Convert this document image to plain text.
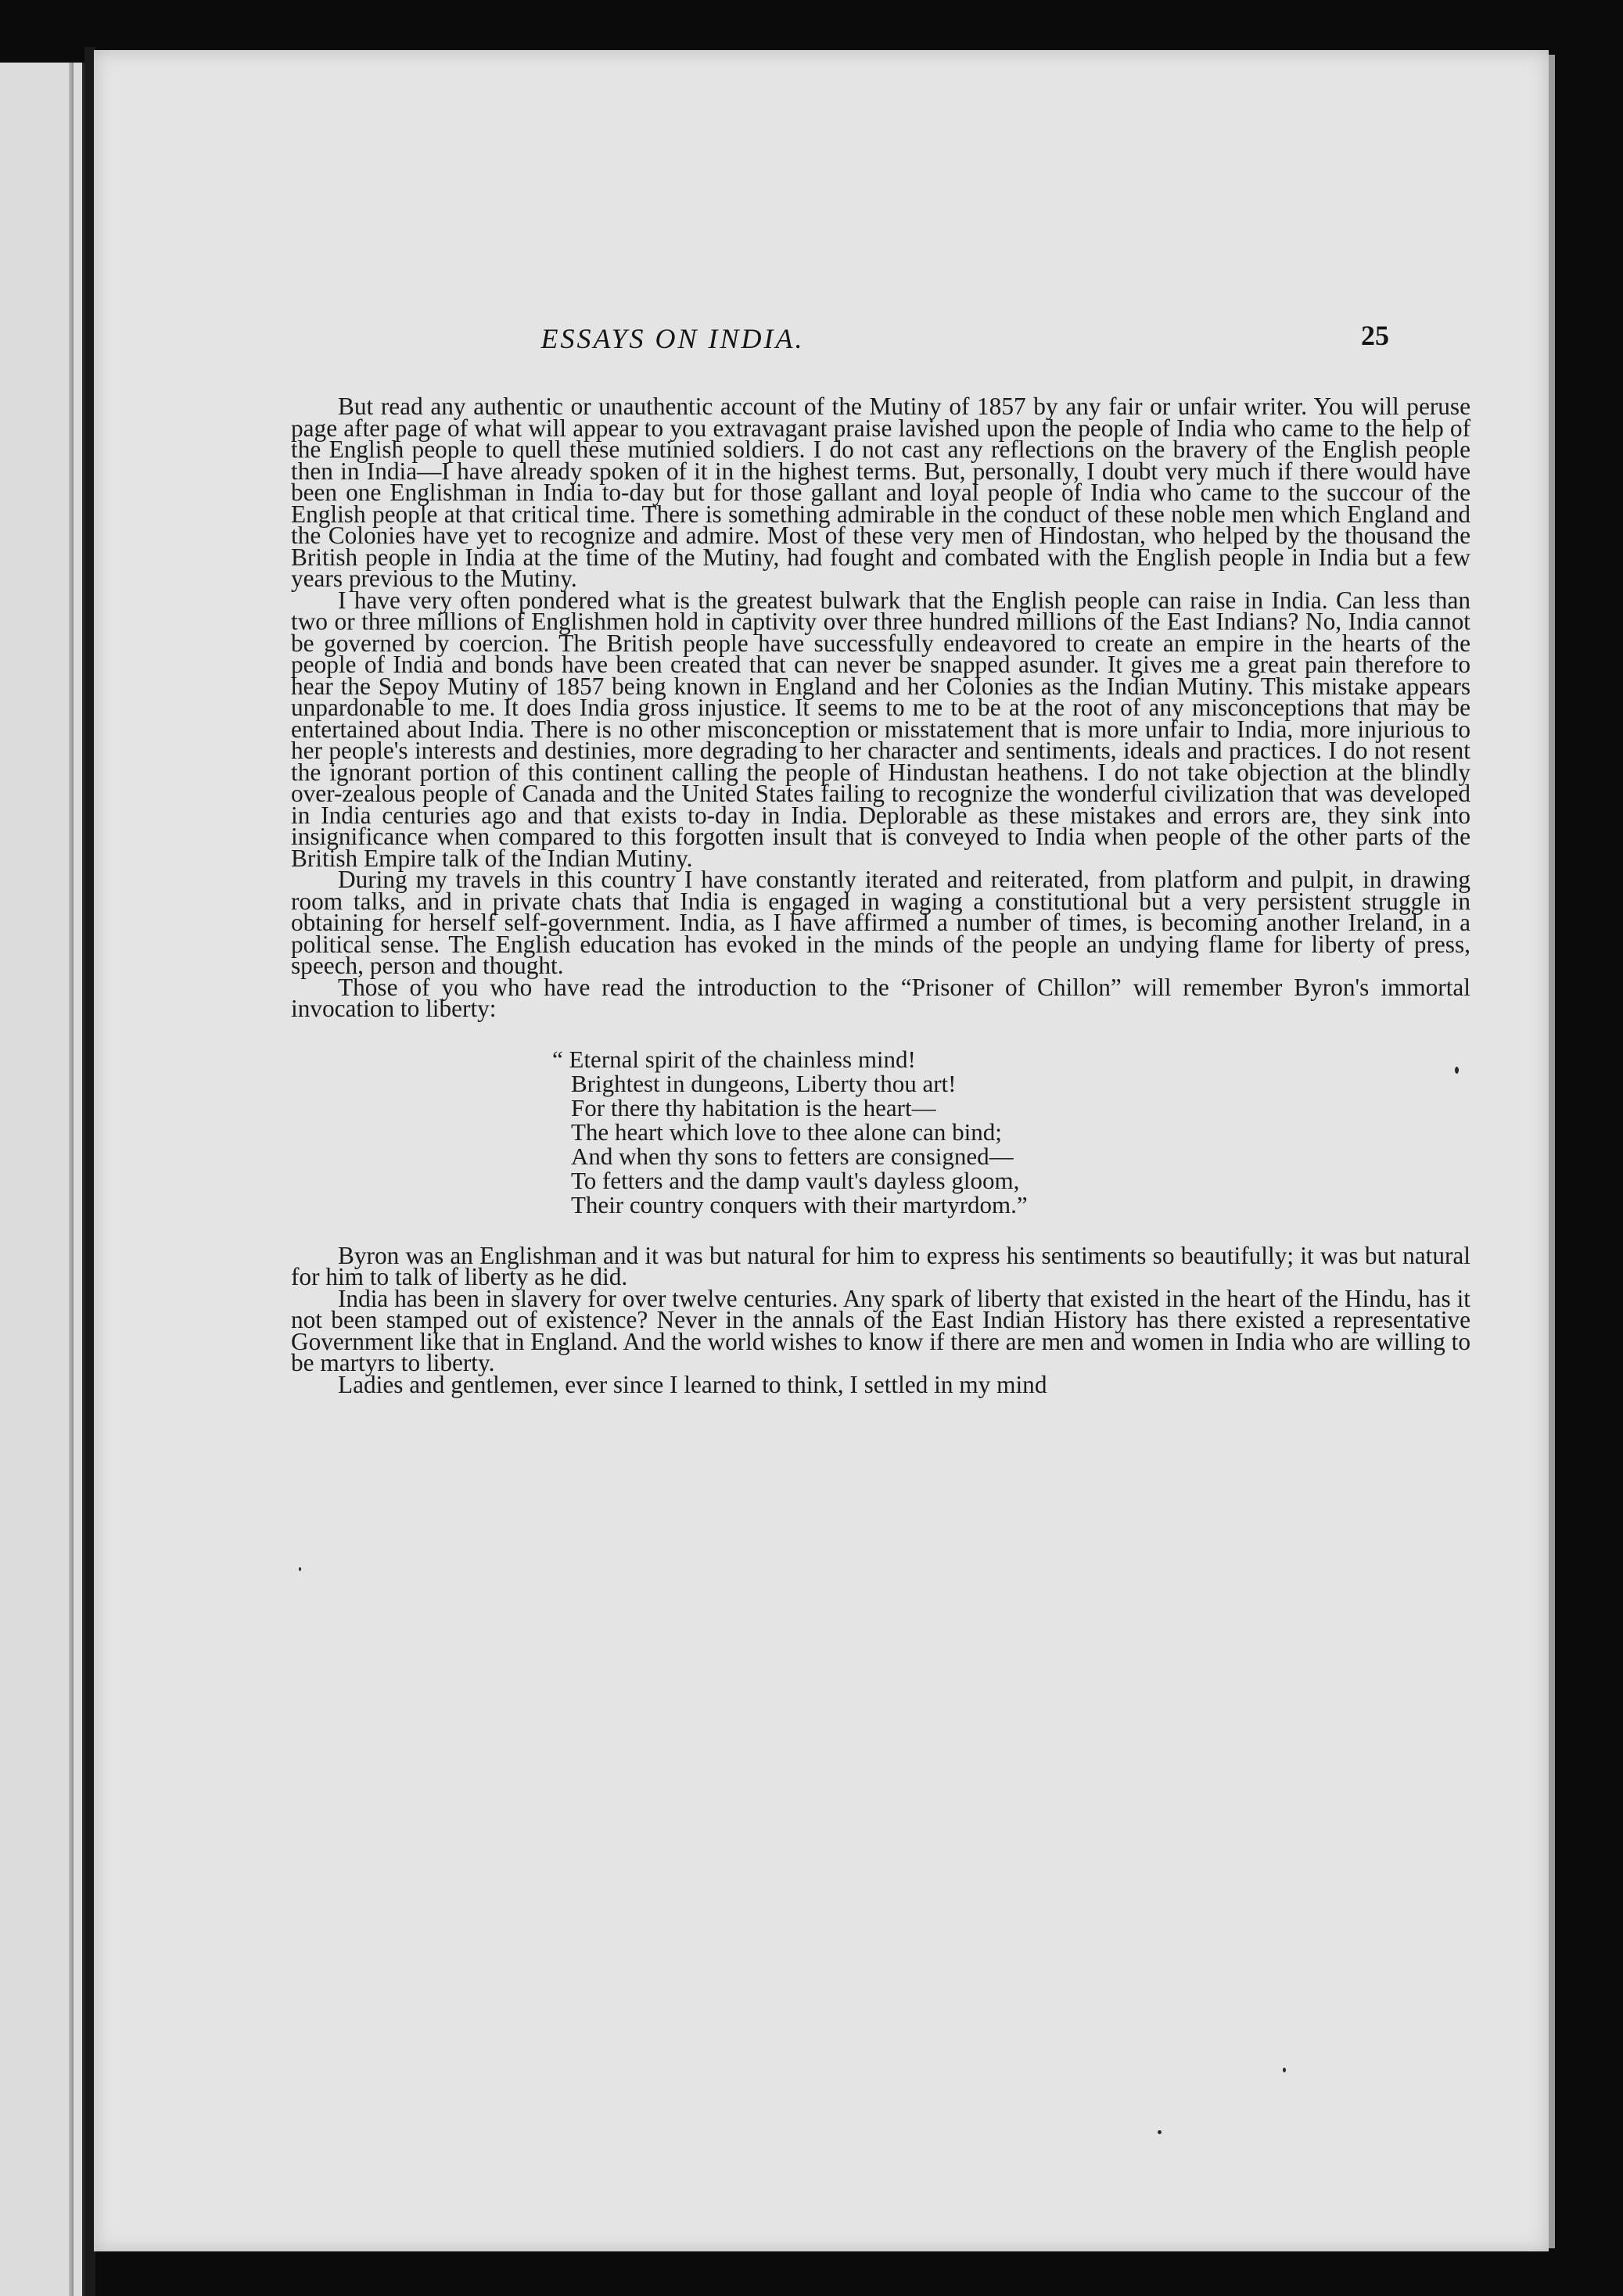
ESSAYS ON INDIA.	25

But read any authentic or unauthentic account of the Mutiny of 1857 by any fair or unfair writer. You will peruse page after page of what will appear to you extravagant praise lavished upon the people of India who came to the help of the English people to quell these mutinied soldiers. I do not cast any reflections on the bravery of the English people then in India—I have already spoken of it in the highest terms. But, personally, I doubt very much if there would have been one Englishman in India to-day but for those gallant and loyal people of India who came to the succour of the English people at that critical time. There is something admirable in the conduct of these noble men which England and the Colonies have yet to recognize and admire. Most of these very men of Hindostan, who helped by the thousand the British people in India at the time of the Mutiny, had fought and combated with the English people in India but a few years previous to the Mutiny.

I have very often pondered what is the greatest bulwark that the English people can raise in India. Can less than two or three millions of Englishmen hold in captivity over three hundred millions of the East Indians? No, India cannot be governed by coercion. The British people have successfully endeavored to create an empire in the hearts of the people of India and bonds have been created that can never be snapped asunder. It gives me a great pain therefore to hear the Sepoy Mutiny of 1857 being known in England and her Colonies as the Indian Mutiny. This mistake appears unpardonable to me. It does India gross injustice. It seems to me to be at the root of any misconceptions that may be entertained about India. There is no other misconception or misstatement that is more unfair to India, more injurious to her people's interests and destinies, more degrading to her character and sentiments, ideals and practices. I do not resent the ignorant portion of this continent calling the people of Hindustan heathens. I do not take objection at the blindly over-zealous people of Canada and the United States failing to recognize the wonderful civilization that was developed in India centuries ago and that exists to-day in India. Deplorable as these mistakes and errors are, they sink into insignificance when compared to this forgotten insult that is conveyed to India when people of the other parts of the British Empire talk of the Indian Mutiny.

During my travels in this country I have constantly iterated and reiterated, from platform and pulpit, in drawing room talks, and in private chats that India is engaged in waging a constitutional but a very persistent struggle in obtaining for herself self-government. India, as I have affirmed a number of times, is becoming another Ireland, in a political sense. The English education has evoked in the minds of the people an undying flame for liberty of press, speech, person and thought.

Those of you who have read the introduction to the “Prisoner of Chillon” will remember Byron's immortal invocation to liberty:

“ Eternal spirit of the chainless mind!
Brightest in dungeons, Liberty thou art!
For there thy habitation is the heart—
The heart which love to thee alone can bind;
And when thy sons to fetters are consigned—
To fetters and the damp vault's dayless gloom,
Their country conquers with their martyrdom.”

Byron was an Englishman and it was but natural for him to express his sentiments so beautifully; it was but natural for him to talk of liberty as he did.

India has been in slavery for over twelve centuries. Any spark of liberty that existed in the heart of the Hindu, has it not been stamped out of existence? Never in the annals of the East Indian History has there existed a representative Government like that in England. And the world wishes to know if there are men and women in India who are willing to be martyrs to liberty.

Ladies and gentlemen, ever since I learned to think, I settled in my mind
